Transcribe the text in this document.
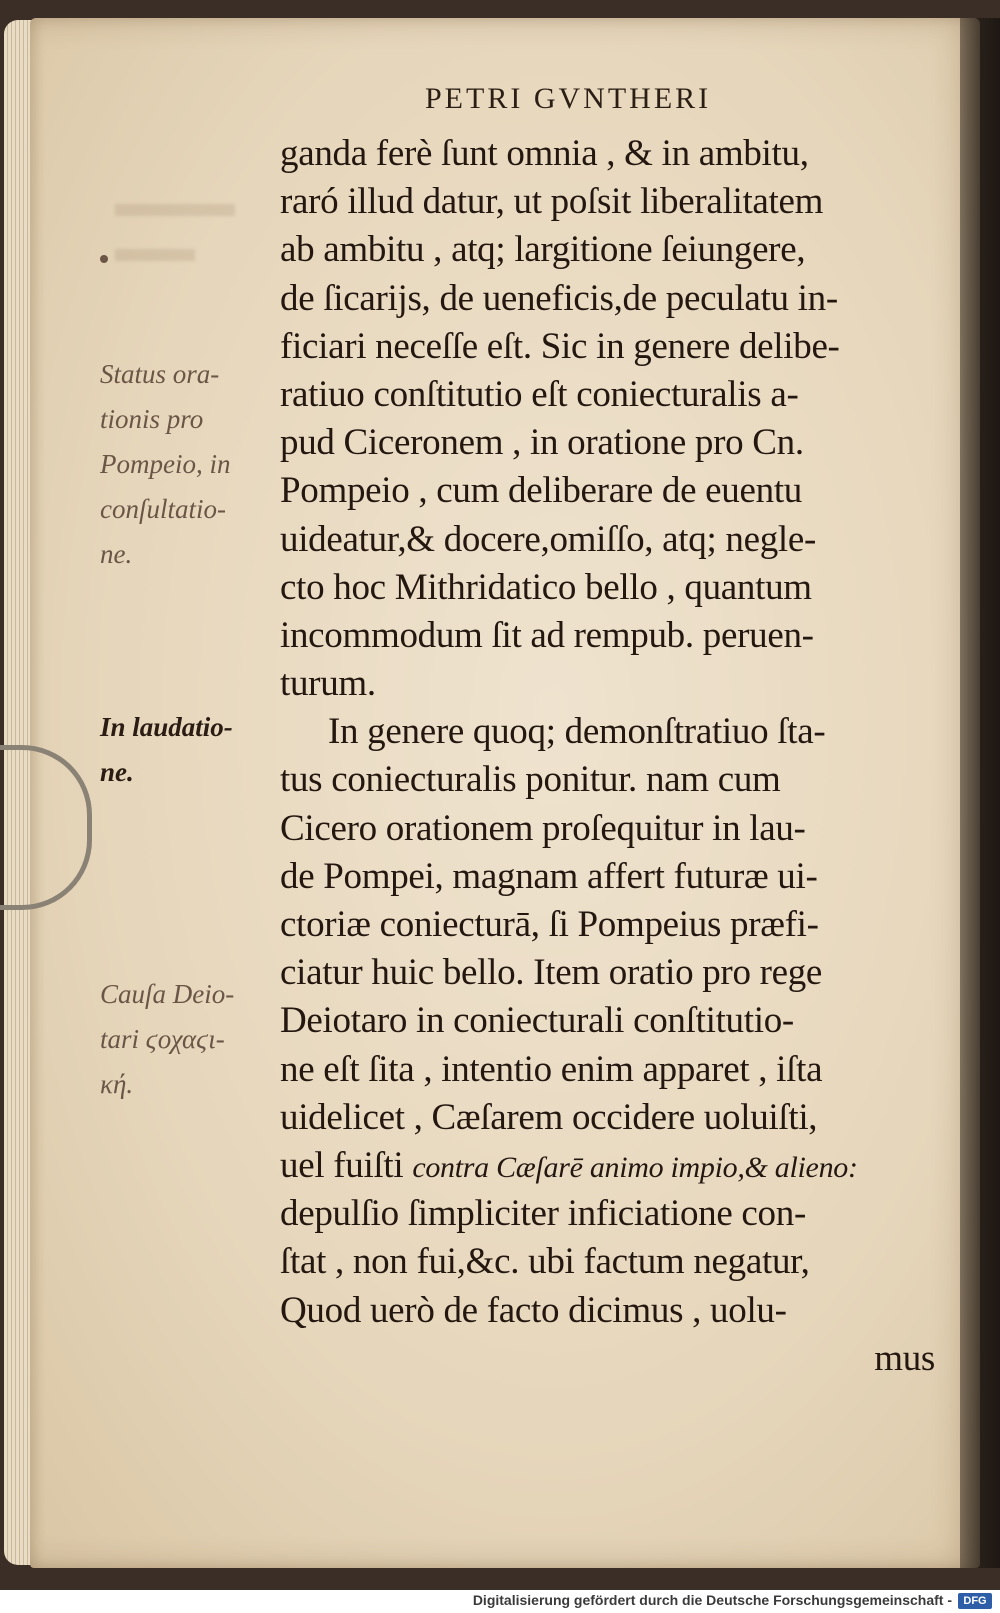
▬▬▬
▬▬
PETRI GVNTHERI
ganda ferè ſunt omnia , & in ambitu,
raró illud datur, ut poſsit liberalitatem
ab ambitu , atq; largitione ſeiungere,
de ſicarijs, de ueneficis,de peculatu in-
ficiari neceſſe eſt. Sic in genere delibe-
ratiuo conſtitutio eſt coniecturalis a-
pud Ciceronem , in oratione pro Cn.
Pompeio , cum deliberare de euentu
uideatur,& docere,omiſſo, atq; negle-
cto hoc Mithridatico bello , quantum
incommodum ſit ad rempub. peruen-
turum.
In genere quoq; demonſtratiuo ſta-
tus coniecturalis ponitur. nam cum
Cicero orationem proſequitur in lau-
de Pompei, magnam affert futuræ ui-
ctoriæ coniecturā, ſi Pompeius præfi-
ciatur huic bello. Item oratio pro rege
Deiotaro in coniecturali conſtitutio-
ne eſt ſita , intentio enim apparet , iſta
uidelicet , Cæſarem occidere uoluiſti,
uel fuiſti contra Cæſarē animo impio,& alieno:
depulſio ſimpliciter inficiatione con-
ſtat , non fui,&c. ubi factum negatur,
Quod uerò de facto dicimus , uolu-
mus
Status ora-
tionis pro
Pompeio, in
conſultatio-
ne.
In laudatio-
ne.
Cauſa Deio-
tari ϛοχαϛι-
κή.
Digitalisierung gefördert durch die Deutsche Forschungsgemeinschaft -	DFG
